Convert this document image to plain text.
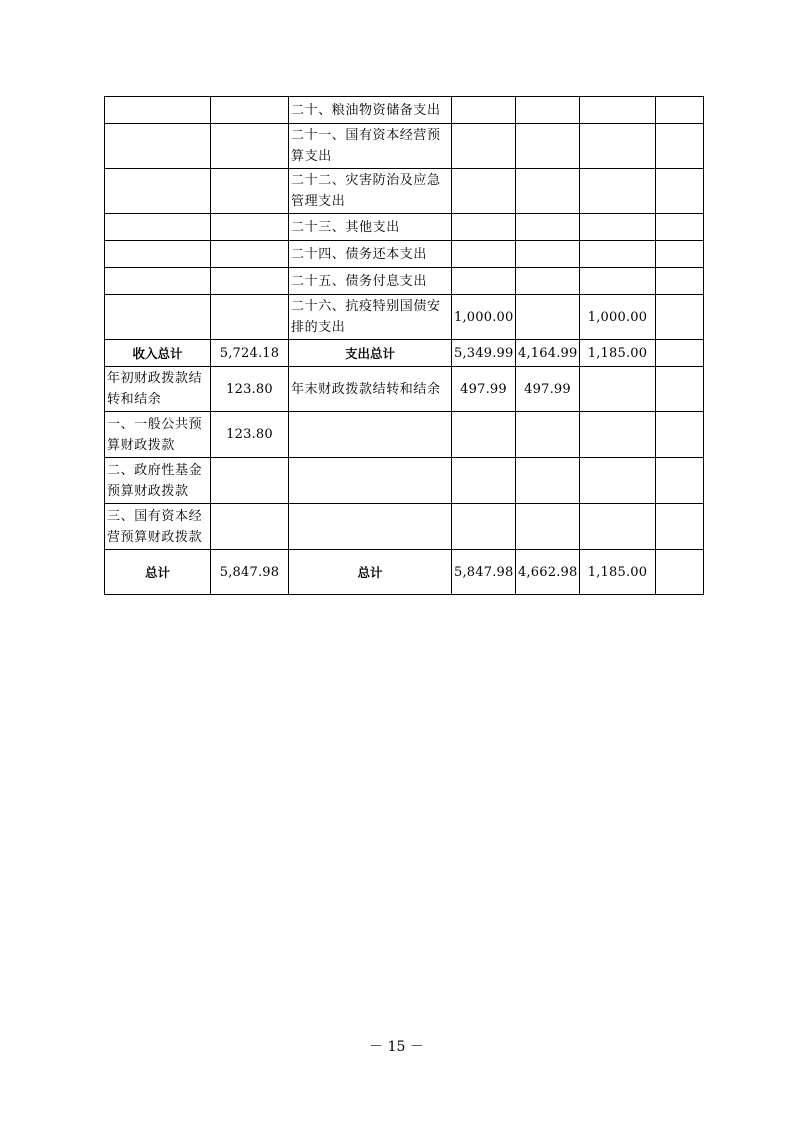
		二十、粮油物资储备支出				
		二十一、国有资本经营预算支出				
		二十二、灾害防治及应急管理支出				
		二十三、其他支出				
		二十四、债务还本支出				
		二十五、债务付息支出				
		二十六、抗疫特别国债安排的支出	1,000.00		1,000.00	
收入总计	5,724.18	支出总计	5,349.99	4,164.99	1,185.00	
年初财政拨款结转和结余	123.80	年末财政拨款结转和结余	497.99	497.99		
一、一般公共预算财政拨款	123.80					
二、政府性基金预算财政拨款						
三、国有资本经营预算财政拨款						
总计	5,847.98	总计	5,847.98	4,662.98	1,185.00	
－ 15 －
